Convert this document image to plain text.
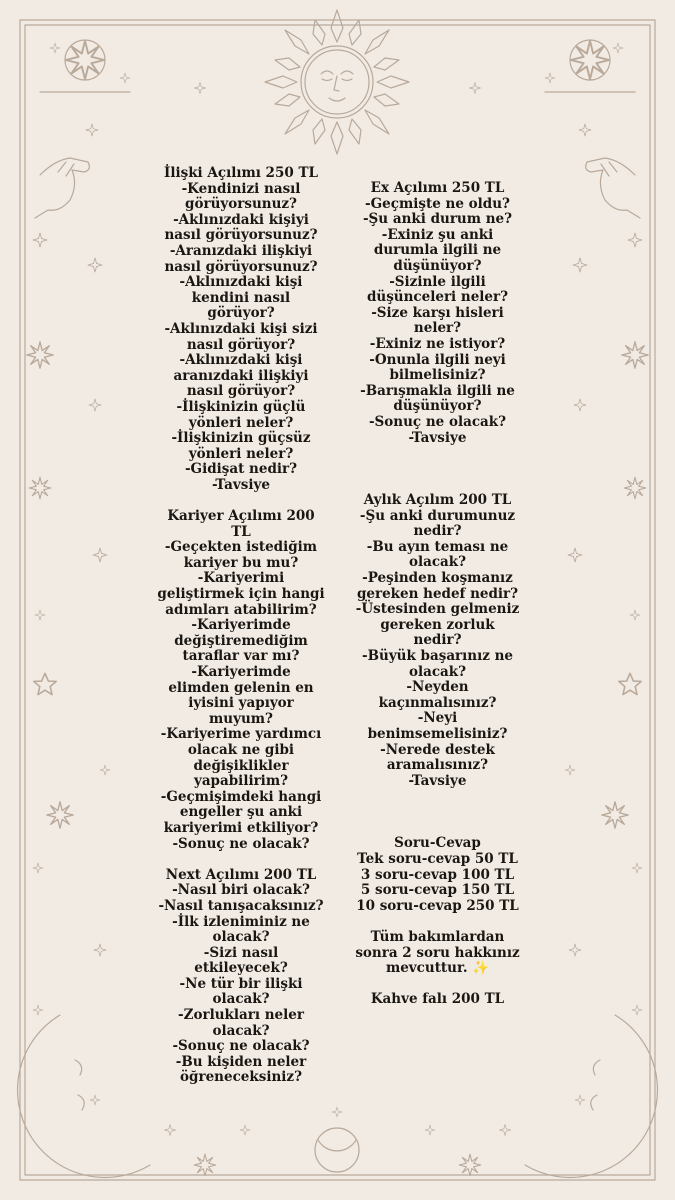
İlişki Açılımı 250 TL
-Kendinizi nasıl
görüyorsunuz?
-Aklınızdaki kişiyi
nasıl görüyorsunuz?
-Aranızdaki ilişkiyi
nasıl görüyorsunuz?
-Aklınızdaki kişi
kendini nasıl
görüyor?
-Aklınızdaki kişi sizi
nasıl görüyor?
-Aklınızdaki kişi
aranızdaki ilişkiyi
nasıl görüyor?
-İlişkinizin güçlü
yönleri neler?
-İlişkinizin güçsüz
yönleri neler?
-Gidişat nedir?
-Tavsiye
Kariyer Açılımı 200
TL
-Geçekten istediğim
kariyer bu mu?
-Kariyerimi
geliştirmek için hangi
adımları atabilirim?
-Kariyerimde
değiştiremediğim
taraflar var mı?
-Kariyerimde
elimden gelenin en
iyisini yapıyor
muyum?
-Kariyerime yardımcı
olacak ne gibi
değişiklikler
yapabilirim?
-Geçmişimdeki hangi
engeller şu anki
kariyerimi etkiliyor?
-Sonuç ne olacak?
Next Açılımı 200 TL
-Nasıl biri olacak?
-Nasıl tanışacaksınız?
-İlk izleniminiz ne
olacak?
-Sizi nasıl
etkileyecek?
-Ne tür bir ilişki
olacak?
-Zorlukları neler
olacak?
-Sonuç ne olacak?
-Bu kişiden neler
öğreneceksiniz?
Ex Açılımı 250 TL
-Geçmişte ne oldu?
-Şu anki durum ne?
-Exiniz şu anki
durumla ilgili ne
düşünüyor?
-Sizinle ilgili
düşünceleri neler?
-Size karşı hisleri
neler?
-Exiniz ne istiyor?
-Onunla ilgili neyi
bilmelisiniz?
-Barışmakla ilgili ne
düşünüyor?
-Sonuç ne olacak?
-Tavsiye
Aylık Açılım 200 TL
-Şu anki durumunuz
nedir?
-Bu ayın teması ne
olacak?
-Peşinden koşmanız
gereken hedef nedir?
-Üstesinden gelmeniz
gereken zorluk
nedir?
-Büyük başarınız ne
olacak?
-Neyden
kaçınmalısınız?
-Neyi
benimsemelisiniz?
-Nerede destek
aramalısınız?
-Tavsiye
Soru-Cevap
Tek soru-cevap 50 TL
3 soru-cevap 100 TL
5 soru-cevap 150 TL
10 soru-cevap 250 TL
Tüm bakımlardan
sonra 2 soru hakkınız
mevcuttur. ✨
Kahve falı 200 TL
